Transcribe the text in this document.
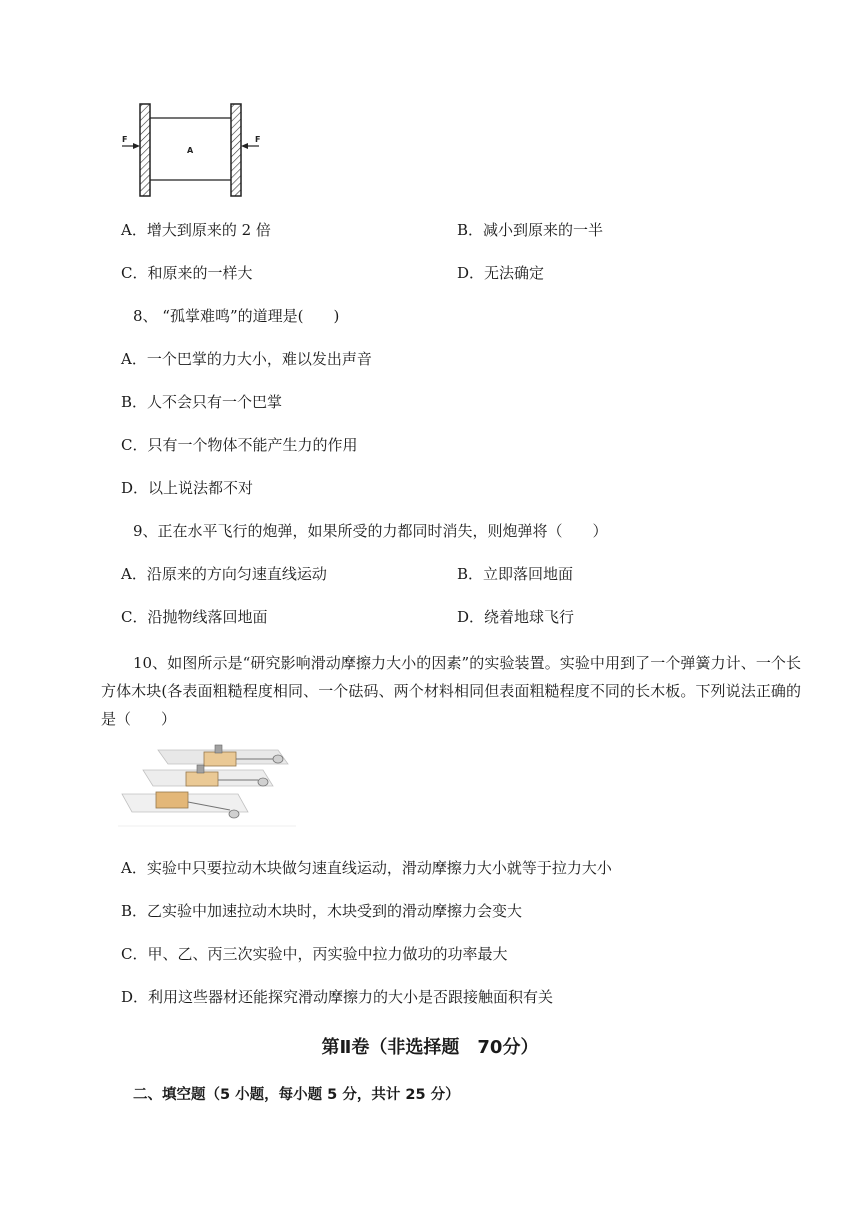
F
A
F
A．增大到原来的 2 倍	B．减小到原来的一半
C．和原来的一样大	D．无法确定
8、 “孤掌难鸣”的道理是(　　)
A．一个巴掌的力大小，难以发出声音
B．人不会只有一个巴掌
C．只有一个物体不能产生力的作用
D．以上说法都不对
9、正在水平飞行的炮弹，如果所受的力都同时消失，则炮弹将（　　）
A．沿原来的方向匀速直线运动	B．立即落回地面
C．沿抛物线落回地面	D．绕着地球飞行
10、如图所示是“研究影响滑动摩擦力大小的因素”的实验装置。实验中用到了一个弹簧力计、一个长方体木块(各表面粗糙程度相同、一个砝码、两个材料相同但表面粗糙程度不同的长木板。下列说法正确的是（　　）
A．实验中只要拉动木块做匀速直线运动，滑动摩擦力大小就等于拉力大小
B．乙实验中加速拉动木块时，木块受到的滑动摩擦力会变大
C．甲、乙、丙三次实验中，丙实验中拉力做功的功率最大
D．利用这些器材还能探究滑动摩擦力的大小是否跟接触面积有关
第Ⅱ卷（非选择题　70分）
二、填空题（5 小题，每小题 5 分，共计 25 分）
